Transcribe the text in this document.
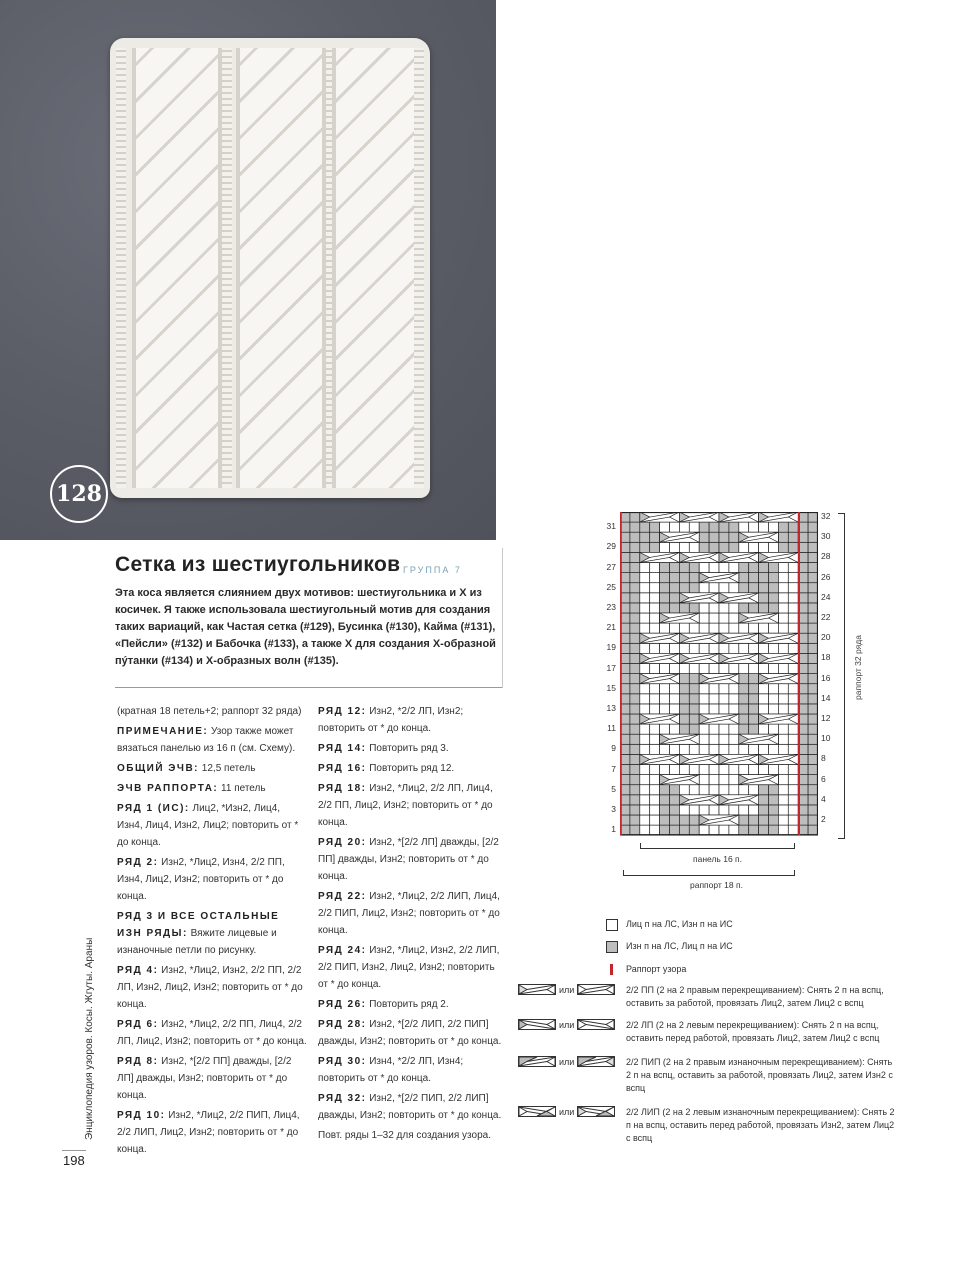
128
Сетка из шестиугольников ГРУППА 7
Эта коса является слиянием двух мотивов: шестиугольника и X из косичек. Я также использовала шестиугольный мотив для создания таких вариаций, как Частая сетка (#129), Бусинка (#130), Кайма (#131), «Пейсли» (#132) и Бабочка (#133), а также X для создания X-образной пýтанки (#134) и X-образных волн (#135).

(кратная 18 петель+2; раппорт 32 ряда)

ПРИМЕЧАНИЕ: Узор также может вязаться панелью из 16 п (см. Схему).

ОБЩИЙ ЭЧВ: 12,5 петель

ЭЧВ РАППОРТА: 11 петель

РЯД 1 (ИС): Лиц2, *Изн2, Лиц4, Изн4, Лиц4, Изн2, Лиц2; повторить от * до конца.

РЯД 2: Изн2, *Лиц2, Изн4, 2/2 ПП, Изн4, Лиц2, Изн2; повторить от * до конца.

РЯД 3 И ВСЕ ОСТАЛЬНЫЕ ИЗН РЯДЫ: Вяжите лицевые и изнаночные петли по рисунку.

РЯД 4: Изн2, *Лиц2, Изн2, 2/2 ПП, 2/2 ЛП, Изн2, Лиц2, Изн2; повторить от * до конца.

РЯД 6: Изн2, *Лиц2, 2/2 ПП, Лиц4, 2/2 ЛП, Лиц2, Изн2; повторить от * до конца.

РЯД 8: Изн2, *[2/2 ПП] дважды, [2/2 ЛП] дважды, Изн2; повторить от * до конца.

РЯД 10: Изн2, *Лиц2, 2/2 ПИП, Лиц4, 2/2 ЛИП, Лиц2, Изн2; повторить от * до конца.

РЯД 12: Изн2, *2/2 ЛП, Изн2; повторить от * до конца.

РЯД 14: Повторить ряд 3.

РЯД 16: Повторить ряд 12.

РЯД 18: Изн2, *Лиц2, 2/2 ЛП, Лиц4, 2/2 ПП, Лиц2, Изн2; повторить от * до конца.

РЯД 20: Изн2, *[2/2 ЛП] дважды, [2/2 ПП] дважды, Изн2; повторить от * до конца.

РЯД 22: Изн2, *Лиц2, 2/2 ЛИП, Лиц4, 2/2 ПИП, Лиц2, Изн2; повторить от * до конца.

РЯД 24: Изн2, *Лиц2, Изн2, 2/2 ЛИП, 2/2 ПИП, Изн2, Лиц2, Изн2; повторить от * до конца.

РЯД 26: Повторить ряд 2.

РЯД 28: Изн2, *[2/2 ЛИП, 2/2 ПИП] дважды, Изн2; повторить от * до конца.

РЯД 30: Изн4, *2/2 ЛП, Изн4; повторить от * до конца.

РЯД 32: Изн2, *[2/2 ПИП, 2/2 ЛИП] дважды, Изн2; повторить от * до конца.

Повт. ряды 1–32 для создания узора.

Энциклопедия узоров. Косы. Жгуты. Араны
198
31
29
27
25
23
21
19
17
15
13
11
9
7
5
3
1
32
30
28
26
24
22
20
18
16
14
12
10
8
6
4
2
раппорт 32 ряда
панель 16 п.
раппорт 18 п.
Лиц п на ЛС, Изн п на ИС
Изн п на ЛС, Лиц п на ИС
Раппорт узора
или	2/2 ПП (2 на 2 правым перекрещиванием): Снять 2 п на вспц, оставить за работой, провязать Лиц2, затем Лиц2 с вспц
или	2/2 ЛП (2 на 2 левым перекрещиванием): Снять 2 п на вспц, оставить перед работой, провязать Лиц2, затем Лиц2 с вспц
или	2/2 ПИП (2 на 2 правым изнаночным перекрещиванием): Снять 2 п на вспц, оставить за работой, провязать Лиц2, затем Изн2 с вспц
или	2/2 ЛИП (2 на 2 левым изнаночным перекрещиванием): Снять 2 п на вспц, оставить перед работой, провязать Изн2, затем Лиц2 с вспц
